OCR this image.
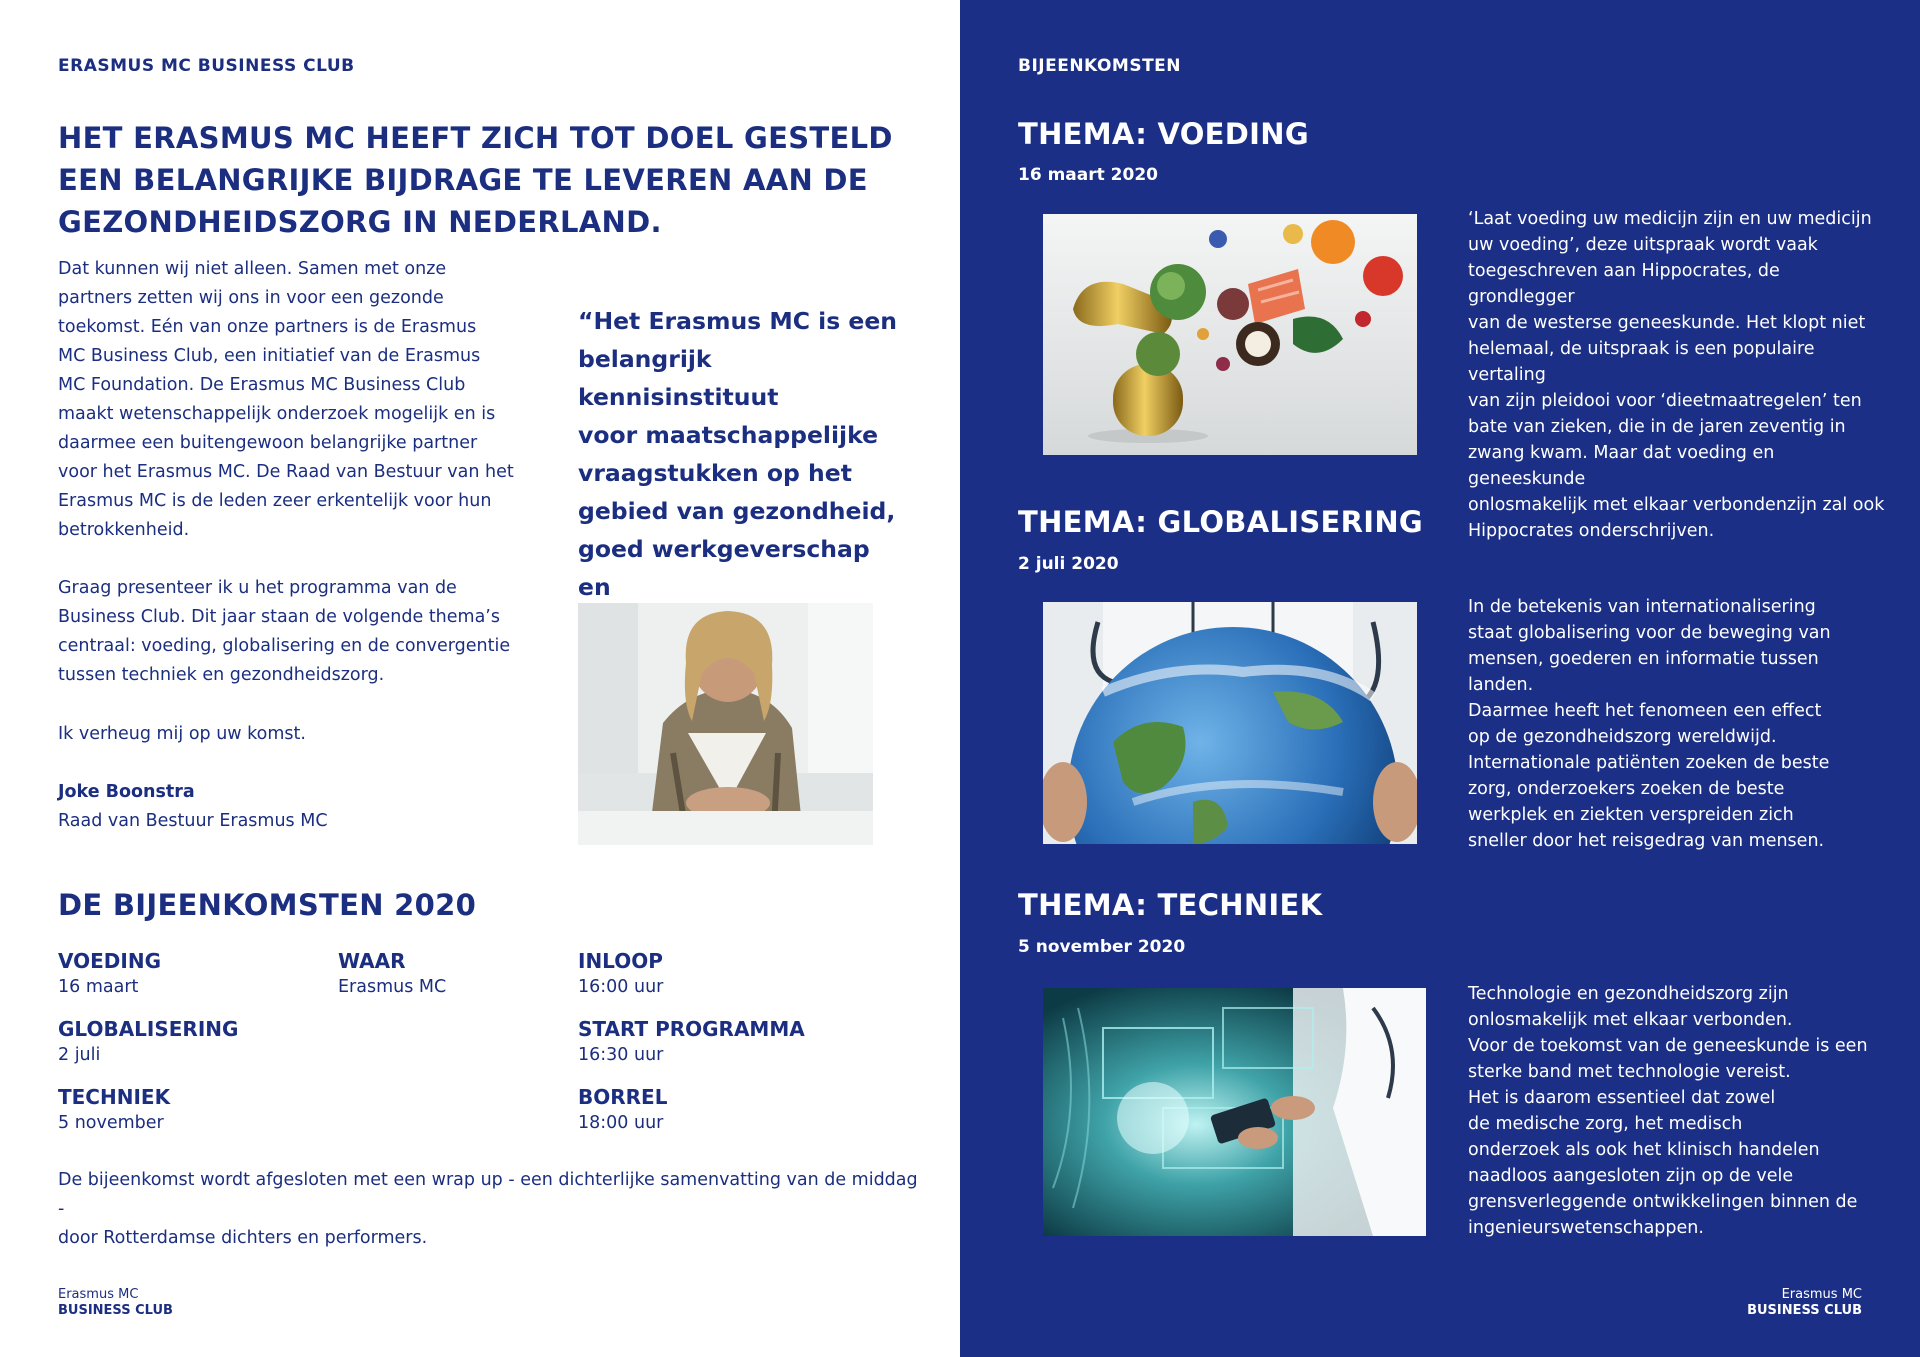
ERASMUS MC BUSINESS CLUB
HET ERASMUS MC HEEFT ZICH TOT DOEL GESTELD
EEN BELANGRIJKE BIJDRAGE TE LEVEREN AAN DE
GEZONDHEIDSZORG IN NEDERLAND.

Dat kunnen wij niet alleen. Samen met onze

partners zetten wij ons in voor een gezonde

toekomst. Eén van onze partners is de Erasmus

MC Business Club, een initiatief van de Erasmus

MC Foundation. De Erasmus MC Business Club

maakt wetenschappelijk onderzoek mogelijk en is

daarmee een buitengewoon belangrijke partner

voor het Erasmus MC. De Raad van Bestuur van het

Erasmus MC is de leden zeer erkentelijk voor hun

betrokkenheid.

Graag presenteer ik u het programma van de

Business Club. Dit jaar staan de volgende thema’s

centraal: voeding, globalisering en de convergentie

tussen techniek en gezondheidszorg.

Ik verheug mij op uw komst.
Joke Boonstra
Raad van Bestuur Erasmus MC
“Het Erasmus MC is een
belangrijk kennisinstituut
voor maatschappelijke
vraagstukken op het
gebied van gezondheid,
goed werkgeverschap en
DE BIJEENKOMSTEN 2020
VOEDING
16 maart
GLOBALISERING
2 juli
TECHNIEK
5 november
WAAR
Erasmus MC
INLOOP
16:00 uur
START PROGRAMMA
16:30 uur
BORREL
18:00 uur

De bijeenkomst wordt afgesloten met een wrap up - een dichterlijke samenvatting van de middag -

door Rotterdamse dichters en performers.

Erasmus MC
BUSINESS CLUB
BIJEENKOMSTEN
THEMA: VOEDING
16 maart 2020
‘Laat voeding uw medicijn zijn en uw medicijn
uw voeding’, deze uitspraak wordt vaak
toegeschreven aan Hippocrates, de grondlegger
van de westerse geneeskunde. Het klopt niet
helemaal, de uitspraak is een populaire vertaling
van zijn pleidooi voor ‘dieetmaatregelen’ ten
bate van zieken, die in de jaren zeventig in
zwang kwam. Maar dat voeding en geneeskunde
onlosmakelijk met elkaar verbondenzijn zal ook
Hippocrates onderschrijven.
THEMA: GLOBALISERING
2 juli 2020
In de betekenis van internationalisering
staat globalisering voor de beweging van
mensen, goederen en informatie tussen
landen.
Daarmee heeft het fenomeen een effect
op de gezondheidszorg wereldwijd.
Internationale patiënten zoeken de beste
zorg, onderzoekers zoeken de beste
werkplek en ziekten verspreiden zich
sneller door het reisgedrag van mensen.
THEMA: TECHNIEK
5 november 2020
Technologie en gezondheidszorg zijn
onlosmakelijk met elkaar verbonden.
Voor de toekomst van de geneeskunde is een
sterke band met technologie vereist.
Het is daarom essentieel dat zowel
de medische zorg, het medisch
onderzoek als ook het klinisch handelen
naadloos aangesloten zijn op de vele
grensverleggende ontwikkelingen binnen de
ingenieurswetenschappen.
Erasmus MC
BUSINESS CLUB
